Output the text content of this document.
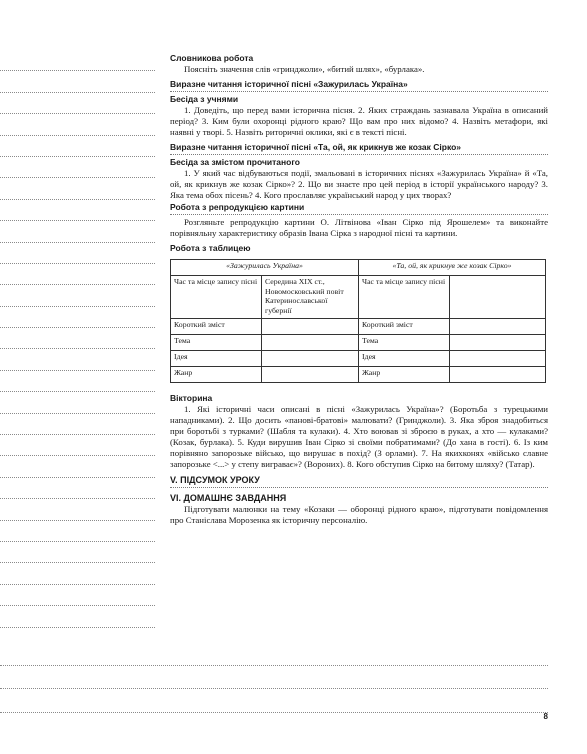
Словникова робота

Поясніть значення слів «гринджоли», «битий шлях», «бурлака».

Виразне читання історичної пісні «Зажурилась Україна»
Бесіда з учнями

1. Доведіть, що перед вами історична пісня. 2. Яких страждань зазнавала Україна в описаний період? 3. Ким були охоронці рідного краю? Що вам про них відомо? 4. Назвіть метафори, які наявні у творі. 5. Назвіть риторичні оклики, які є в тексті пісні.

Виразне читання історичної пісні «Та, ой, як крикнув же козак Сірко»
Бесіда за змістом прочитаного

1. У який час відбуваються події, змальовані в історичних піснях «Зажурилась Україна» й «Та, ой, як крикнув же козак Сірко»? 2. Що ви знаєте про цей період в історії українського народу? 3. Яка тема обох пісень? 4. Кого прославляє український народ у цих творах?

Робота з репродукцією картини

Розгляньте репродукцію картини О. Літвінова «Іван Сірко під Ярошелем» та виконайте порівняльну характеристику образів Івана Сірка з народної пісні та картини.

Робота з таблицею
«Зажурилась Україна»		«Та, ой, як крикнув же козак Сірко»	
Час та місце запису пісні	Середина XIX ст., Новомосковський повіт Катеринославської губернії	Час та місце запису пісні	
Короткий зміст		Короткий зміст	
Тема		Тема	
Ідея		Ідея	
Жанр		Жанр	
Вікторина

1. Які історичні часи описані в пісні «Зажурилась Україна»? (Боротьба з турецькими нападниками). 2. Що досить «панові-братові» малювати? (Гринджоли). 3. Яка зброя знадобиться при боротьбі з турками? (Шабля та кулаки). 4. Хто воював зі зброєю в руках, а хто — кулаками? (Козак, бурлака). 5. Куди вирушив Іван Сірко зі своїми побратимами? (До хана в гості). 6. Із ким порівняно запорозьке військо, що вирушає в похід? (З орлами). 7. На якихконях «військо славне запорозьке <...> у степу виграває»? (Вороних). 8. Кого обступив Сірко на битому шляху? (Татар).

V. ПІДСУМОК УРОКУ
VI. ДОМАШНЄ ЗАВДАННЯ

Підготувати малюнки на тему «Козаки — оборонці рідного краю», підготувати повідомлення про Станіслава Морозенка як історичну персоналію.

8
